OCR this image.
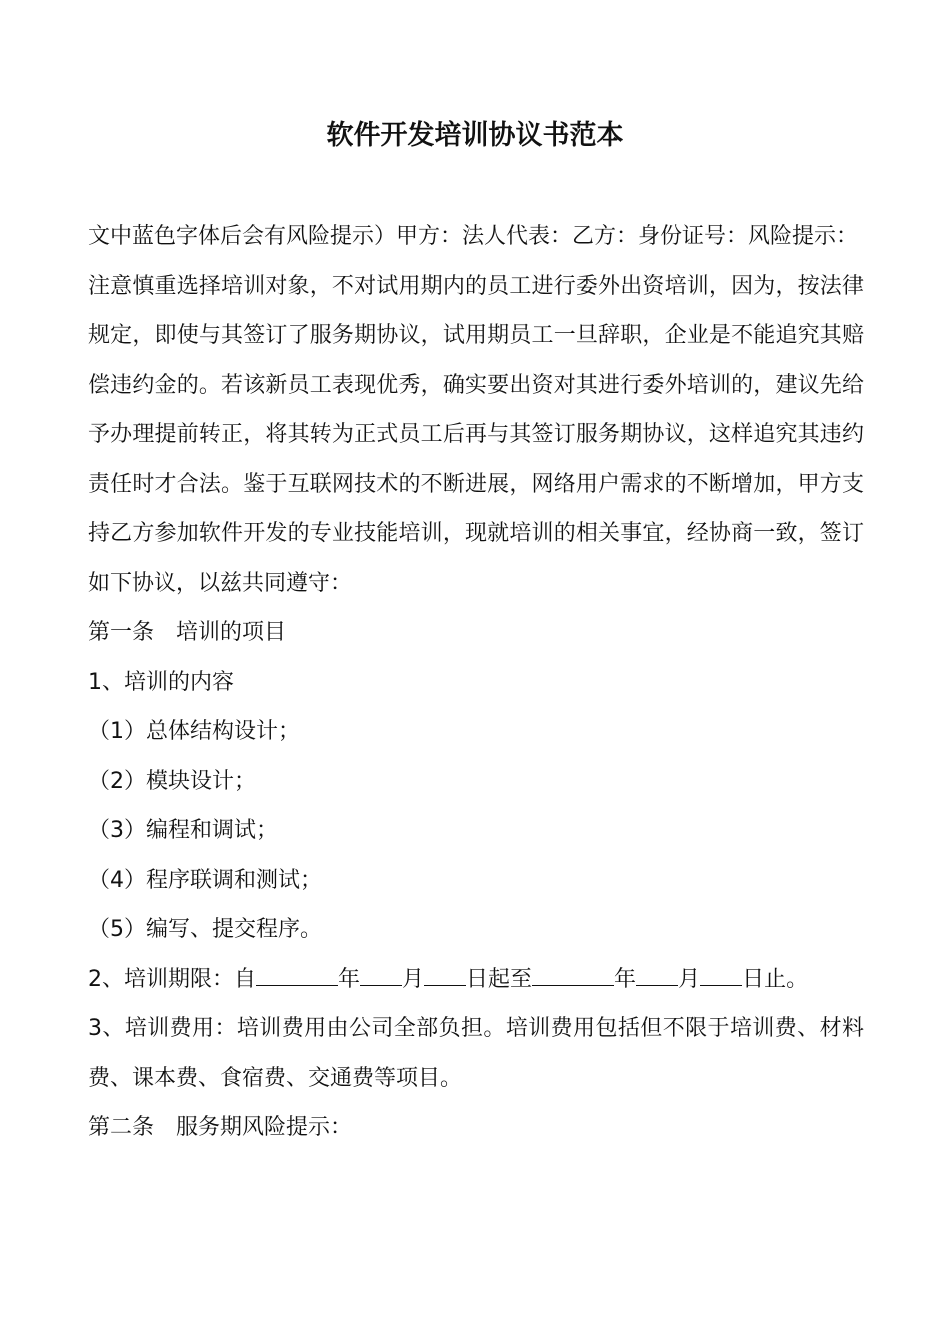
软件开发培训协议书范本

文中蓝色字体后会有风险提示）甲方：法人代表：乙方：身份证号：风险提示：

注意慎重选择培训对象，不对试用期内的员工进行委外出资培训，因为，按法律规定，即使与其签订了服务期协议，试用期员工一旦辞职，企业是不能追究其赔偿违约金的。若该新员工表现优秀，确实要出资对其进行委外培训的，建议先给予办理提前转正，将其转为正式员工后再与其签订服务期协议，这样追究其违约责任时才合法。鉴于互联网技术的不断进展，网络用户需求的不断增加，甲方支持乙方参加软件开发的专业技能培训，现就培训的相关事宜，经协商一致，签订如下协议，以兹共同遵守：

第一条　培训的项目

1、培训的内容

（1）总体结构设计；

（2）模块设计；

（3）编程和调试；

（4）程序联调和测试；

（5）编写、提交程序。

2、培训期限：自	年 月 日起至	年 月 日止。

3、培训费用：培训费用由公司全部负担。培训费用包括但不限于培训费、材料费、课本费、食宿费、交通费等项目。

第二条　服务期风险提示：
